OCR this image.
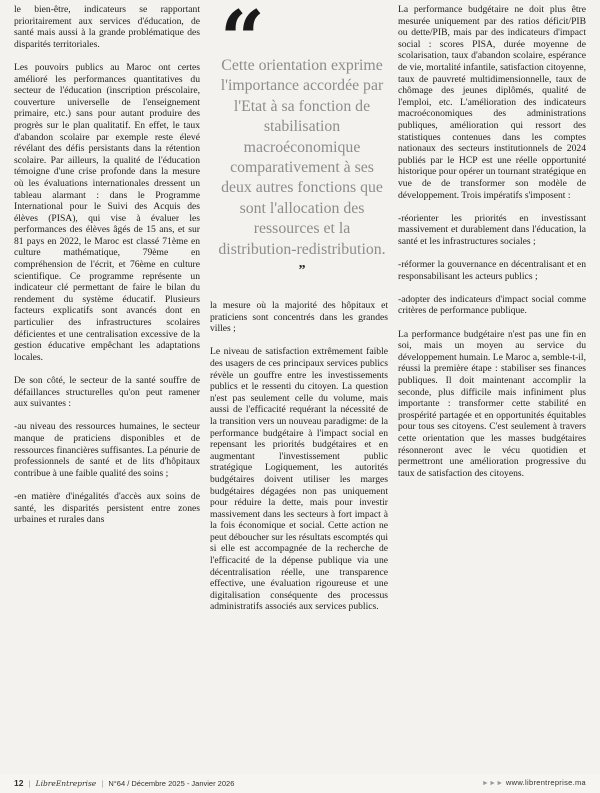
le bien-être, indicateurs se rapportant prioritairement aux services d'éducation, de santé mais aussi à la grande problématique des disparités territoriales.

Les pouvoirs publics au Maroc ont certes amélioré les performances quantitatives du secteur de l'éducation (inscription préscolaire, couverture universelle de l'enseignement primaire, etc.) sans pour autant produire des progrès sur le plan qualitatif. En effet, le taux d'abandon scolaire par exemple reste élevé révélant des défis persistants dans la rétention scolaire. Par ailleurs, la qualité de l'éducation témoigne d'une crise profonde dans la mesure où les évaluations internationales dressent un tableau alarmant : dans le Programme International pour le Suivi des Acquis des élèves (PISA), qui vise à évaluer les performances des élèves âgés de 15 ans, et sur 81 pays en 2022, le Maroc est classé 71ème en culture mathématique, 79ème en compréhension de l'écrit, et 76ème en culture scientifique. Ce programme représente un indicateur clé permettant de faire le bilan du rendement du système éducatif. Plusieurs facteurs explicatifs sont avancés dont en particulier des infrastructures scolaires déficientes et une centralisation excessive de la gestion éducative empêchant les adaptations locales.

De son côté, le secteur de la santé souffre de défaillances structurelles qu'on peut ramener aux suivantes :

-au niveau des ressources humaines, le secteur manque de praticiens disponibles et de ressources financières suffisantes. La pénurie de professionnels de santé et de lits d'hôpitaux contribue à une faible qualité des soins ;

-en matière d'inégalités d'accès aux soins de santé, les disparités persistent entre zones urbaines et rurales dans

“
Cette orientation exprime l'importance accordée par l'Etat à sa fonction de stabilisation macroéconomique comparativement à ses deux autres fonctions que sont l'allocation des ressources et la distribution-redistribution. ”

la mesure où la majorité des hôpitaux et praticiens sont concentrés dans les grandes villes ;

Le niveau de satisfaction extrêmement faible des usagers de ces principaux services publics révèle un gouffre entre les investissements publics et le ressenti du citoyen. La question n'est pas seulement celle du volume, mais aussi de l'efficacité requérant la nécessité de la transition vers un nouveau paradigme: de la performance budgétaire à l'impact social en repensant les priorités budgétaires et en augmentant l'investissement public stratégique Logiquement, les autorités budgétaires doivent utiliser les marges budgétaires dégagées non pas uniquement pour réduire la dette, mais pour investir massivement dans les secteurs à fort impact à la fois économique et social. Cette action ne peut déboucher sur les résultats escomptés qui si elle est accompagnée de la recherche de l'efficacité de la dépense publique via une décentralisation réelle, une transparence effective, une évaluation rigoureuse et une digitalisation conséquente des processus administratifs associés aux services publics.

La performance budgétaire ne doit plus être mesurée uniquement par des ratios déficit/PIB ou dette/PIB, mais par des indicateurs d'impact social : scores PISA, durée moyenne de scolarisation, taux d'abandon scolaire, espérance de vie, mortalité infantile, satisfaction citoyenne, taux de pauvreté multidimensionnelle, taux de chômage des jeunes diplômés, qualité de l'emploi, etc. L'amélioration des indicateurs macroéconomiques des administrations publiques, amélioration qui ressort des statistiques contenues dans les comptes nationaux des secteurs institutionnels de 2024 publiés par le HCP est une réelle opportunité historique pour opérer un tournant stratégique en vue de de transformer son modèle de développement. Trois impératifs s'imposent :

-réorienter les priorités en investissant massivement et durablement dans l'éducation, la santé et les infrastructures sociales ;

-réformer la gouvernance en décentralisant et en responsabilisant les acteurs publics ;

-adopter des indicateurs d'impact social comme critères de performance publique.

La performance budgétaire n'est pas une fin en soi, mais un moyen au service du développement humain. Le Maroc a, semble-t-il, réussi la première étape : stabiliser ses finances publiques. Il doit maintenant accomplir la seconde, plus difficile mais infiniment plus importante : transformer cette stabilité en prospérité partagée et en opportunités équitables pour tous ses citoyens. C'est seulement à travers cette orientation que les masses budgétaires résonneront avec le vécu quotidien et permettront une amélioration progressive du taux de satisfaction des citoyens.

12 | LibreEntreprise | N°64 / Décembre 2025 - Janvier 2026	►►► www.librentreprise.ma
